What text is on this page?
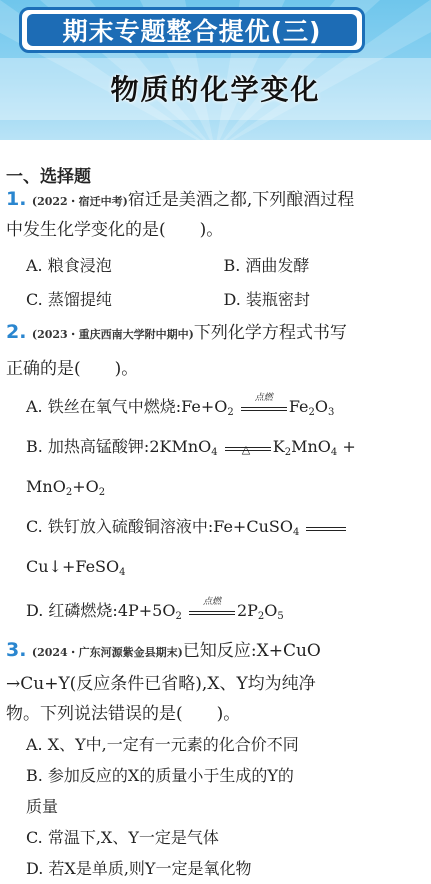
期末专题整合提优(三)
物质的化学变化
一、选择题
1. (2022・宿迁中考)宿迁是美酒之都,下列酿酒过程
中发生化学变化的是(　　)。
A. 粮食浸泡	B. 酒曲发酵
C. 蒸馏提纯	D. 装瓶密封
2. (2023・重庆西南大学附中期中)下列化学方程式书写
正确的是(　　)。
A. 铁丝在氧气中燃烧$:Fe+O_2$
点燃	$Fe_2O_3$
B. 加热高锰酸钾:2KMnO$_4$ △ $K_2MnO_4$ +
$MnO_2+O_2$
C. 铁钉放入硫酸铜溶液中:Fe+CuSO$_4$
Cu↓+FeSO$_4$
D. 红磷燃烧$:4P+5O_2$
点燃	$2P_2O_5$
3. (2024・广东河源紫金县期末)已知反应:X+CuO
→Cu+Y(反应条件已省略),X、Y均为纯净
物。下列说法错误的是(　　)。
A. X、Y中,一定有一元素的化合价不同
B. 参加反应的X的质量小于生成的Y的
质量
C. 常温下,X、Y一定是气体
D. 若X是单质,则Y一定是氧化物
